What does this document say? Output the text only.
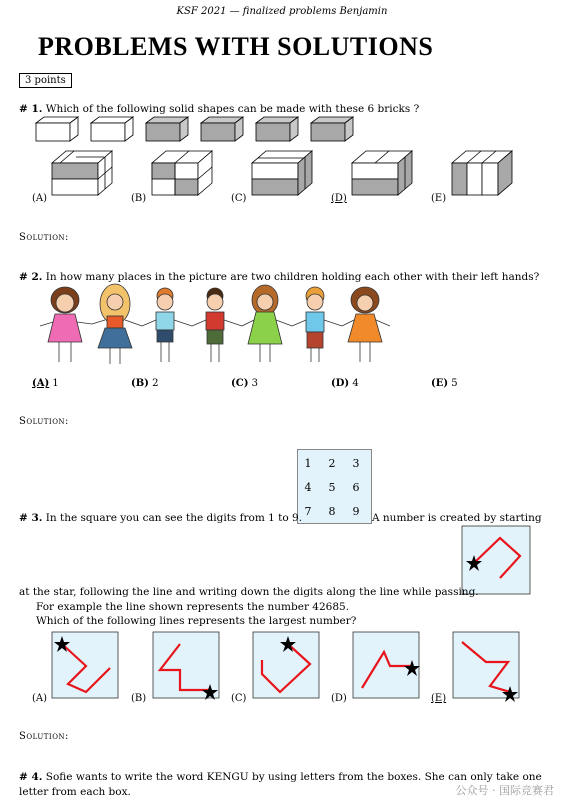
KSF 2021 — finalized problems Benjamin
PROBLEMS WITH SOLUTIONS
3 points
# 1. Which of the following solid shapes can be made with these 6 bricks ?
(A)	(B)	(C)	(D)	(E)
Solution:
# 2. In how many places in the picture are two children holding each other with their left hands?
(A) 1	(B) 2	(C) 3	(D) 4	(E) 5
Solution:
1	2	3
4	5	6
7	8	9
# 3. In the square you can see the digits from 1 to 9.	A number is created by starting
at the star, following the line and writing down the digits along the line while passing.
For example the line shown represents the number 42685.
Which of the following lines represents the largest number?
(A)	(B)	(C)	(D)	(E)
Solution:
# 4. Sofie wants to write the word KENGU by using letters from the boxes. She can only take one
letter from each box.	公众号 · 国际竞赛君
